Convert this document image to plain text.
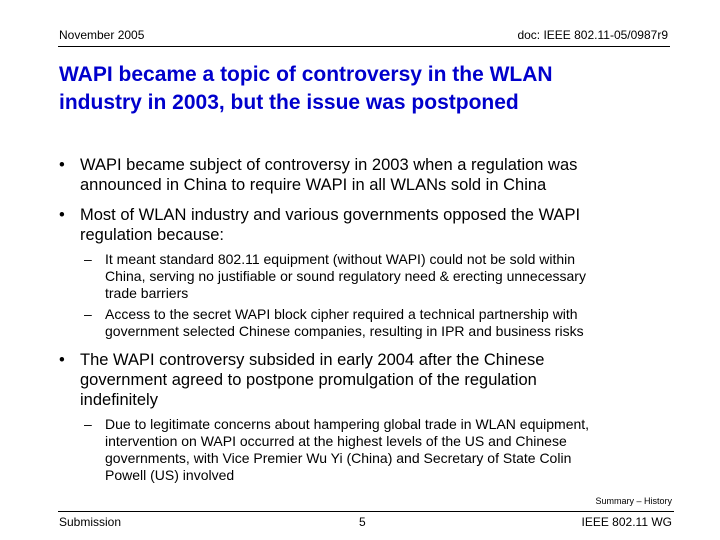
November 2005	doc: IEEE 802.11-05/0987r9
WAPI became a topic of controversy in the WLAN
industry in 2003, but the issue was postponed
• WAPI became subject of controversy in 2003 when a regulation was
announced in China to require WAPI in all WLANs sold in China
• Most of WLAN industry and various governments opposed the WAPI
regulation because:
– It meant standard 802.11 equipment (without WAPI) could not be sold within
China, serving no justifiable or sound regulatory need & erecting unnecessary
trade barriers
– Access to the secret WAPI block cipher required a technical partnership with
government selected Chinese companies, resulting in IPR and business risks
• The WAPI controversy subsided in early 2004 after the Chinese
government agreed to postpone promulgation of the regulation
indefinitely
– Due to legitimate concerns about hampering global trade in WLAN equipment,
intervention on WAPI occurred at the highest levels of the US and Chinese
governments, with Vice Premier Wu Yi (China) and Secretary of State Colin
Powell (US) involved
Summary – History
Submission	5	IEEE 802.11 WG
